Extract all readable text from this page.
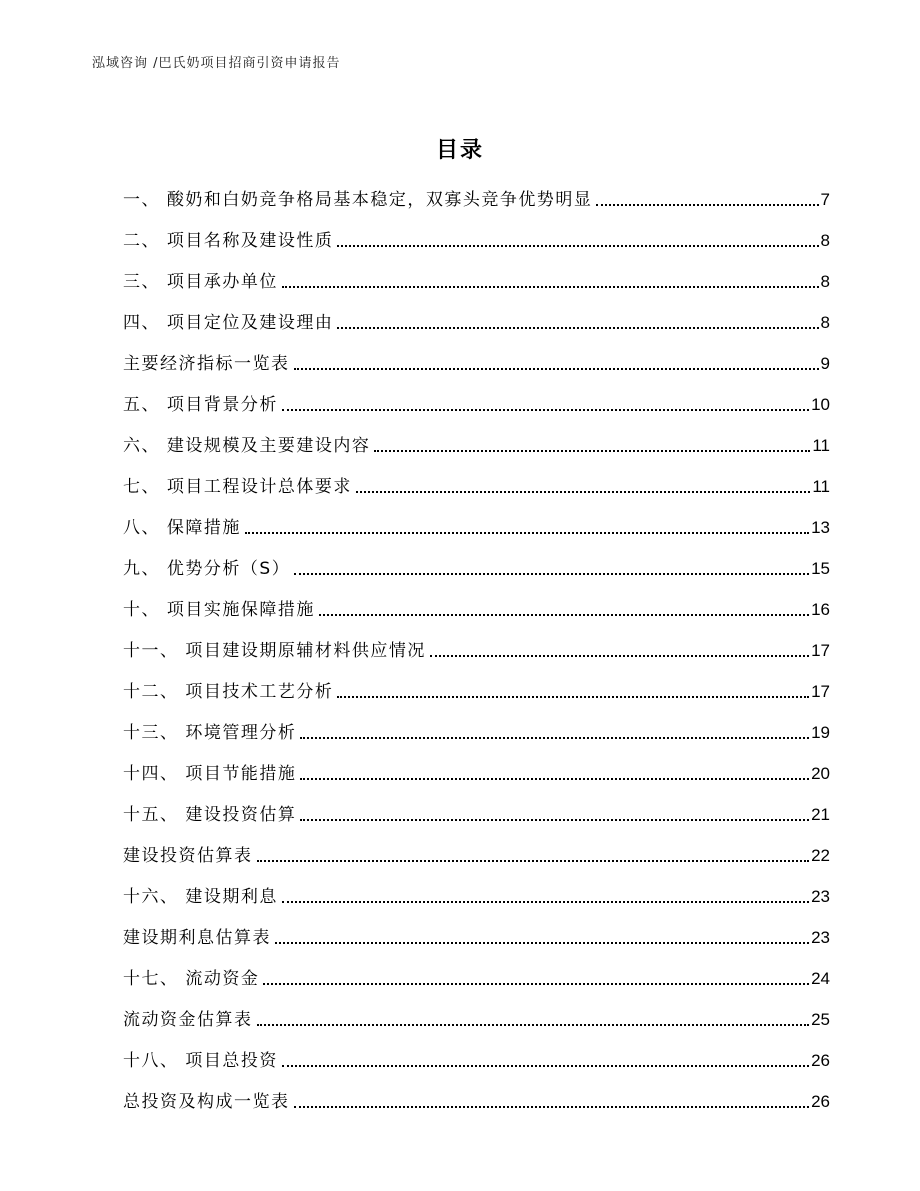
泓域咨询 /巴氏奶项目招商引资申请报告
目录
一、 酸奶和白奶竞争格局基本稳定，双寡头竞争优势明显	7
二、 项目名称及建设性质	8
三、 项目承办单位	8
四、 项目定位及建设理由	8
主要经济指标一览表	9
五、 项目背景分析	10
六、 建设规模及主要建设内容	11
七、 项目工程设计总体要求	11
八、 保障措施	13
九、 优势分析（S）	15
十、 项目实施保障措施	16
十一、 项目建设期原辅材料供应情况	17
十二、 项目技术工艺分析	17
十三、 环境管理分析	19
十四、 项目节能措施	20
十五、 建设投资估算	21
建设投资估算表	22
十六、 建设期利息	23
建设期利息估算表	23
十七、 流动资金	24
流动资金估算表	25
十八、 项目总投资	26
总投资及构成一览表	26
